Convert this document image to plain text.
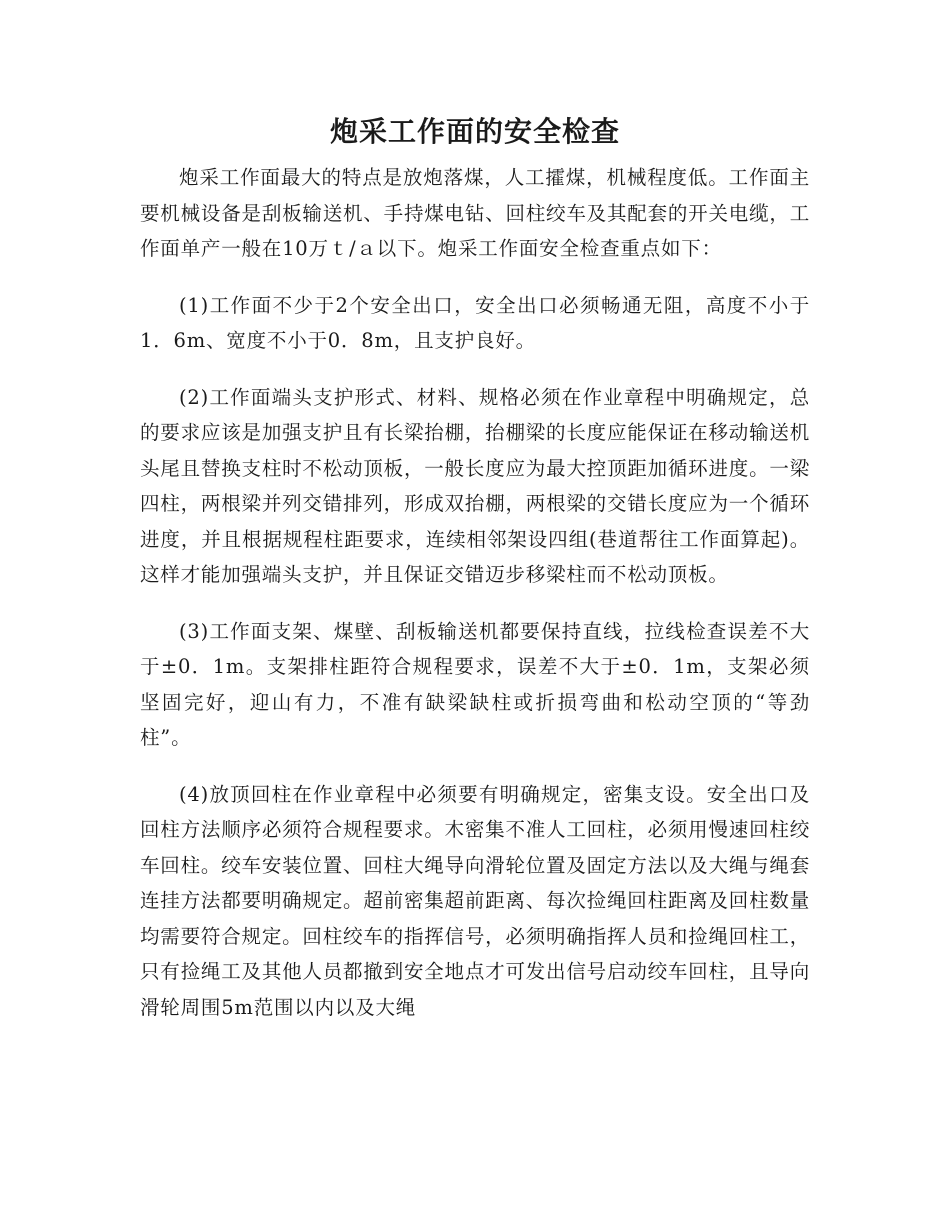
炮采工作面的安全检查

炮采工作面最大的特点是放炮落煤，人工攉煤，机械程度低。工作面主要机械设备是刮板输送机、手持煤电钻、回柱绞车及其配套的开关电缆，工作面单产一般在10万ｔ/ａ以下。炮采工作面安全检查重点如下：

(1)工作面不少于2个安全出口，安全出口必须畅通无阻，高度不小于1．6m、宽度不小于0．8m，且支护良好。

(2)工作面端头支护形式、材料、规格必须在作业章程中明确规定，总的要求应该是加强支护且有长梁抬棚，抬棚梁的长度应能保证在移动输送机头尾且替换支柱时不松动顶板，一般长度应为最大控顶距加循环进度。一梁四柱，两根梁并列交错排列，形成双抬棚，两根梁的交错长度应为一个循环进度，并且根据规程柱距要求，连续相邻架设四组(巷道帮往工作面算起)。这样才能加强端头支护，并且保证交错迈步移梁柱而不松动顶板。

(3)工作面支架、煤壁、刮板输送机都要保持直线，拉线检查误差不大于±0．1m。支架排柱距符合规程要求，误差不大于±0．1m，支架必须坚固完好，迎山有力，不准有缺梁缺柱或折损弯曲和松动空顶的“等劲柱”。

(4)放顶回柱在作业章程中必须要有明确规定，密集支设。安全出口及回柱方法顺序必须符合规程要求。木密集不准人工回柱，必须用慢速回柱绞车回柱。绞车安装位置、回柱大绳导向滑轮位置及固定方法以及大绳与绳套连挂方法都要明确规定。超前密集超前距离、每次捡绳回柱距离及回柱数量均需要符合规定。回柱绞车的指挥信号，必须明确指挥人员和捡绳回柱工，只有捡绳工及其他人员都撤到安全地点才可发出信号启动绞车回柱，且导向滑轮周围5m范围以内以及大绳
